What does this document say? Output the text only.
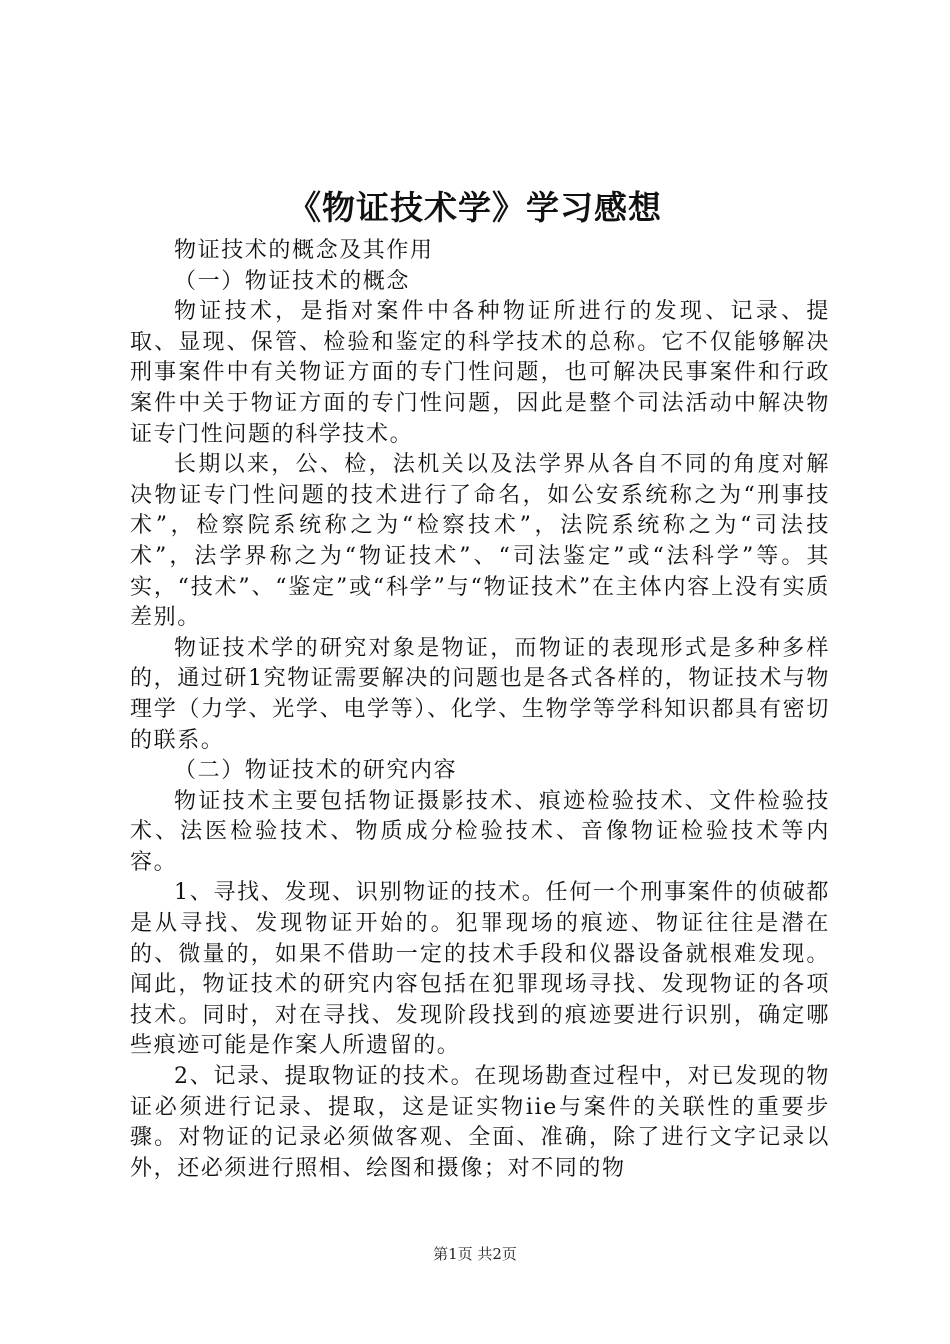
《物证技术学》学习感想

物证技术的概念及其作用

（一）物证技术的概念

物证技术，是指对案件中各种物证所进行的发现、记录、提取、显现、保管、检验和鉴定的科学技术的总称。它不仅能够解决刑事案件中有关物证方面的专门性问题，也可解决民事案件和行政案件中关于物证方面的专门性问题，因此是整个司法活动中解决物证专门性问题的科学技术。

长期以来，公、检，法机关以及法学界从各自不同的角度对解决物证专门性问题的技术进行了命名，如公安系统称之为“刑事技术”，检察院系统称之为“检察技术”，法院系统称之为“司法技术”，法学界称之为“物证技术”、“司法鉴定”或“法科学”等。其实，“技术”、“鉴定”或“科学”与“物证技术”在主体内容上没有实质差别。

物证技术学的研究对象是物证，而物证的表现形式是多种多样的，通过研1究物证需要解决的问题也是各式各样的，物证技术与物理学（力学、光学、电学等）、化学、生物学等学科知识都具有密切的联系。

（二）物证技术的研究内容

物证技术主要包括物证摄影技术、痕迹检验技术、文件检验技术、法医检验技术、物质成分检验技术、音像物证检验技术等内容。

1、寻找、发现、识别物证的技术。任何一个刑事案件的侦破都是从寻找、发现物证开始的。犯罪现场的痕迹、物证往往是潜在的、微量的，如果不借助一定的技术手段和仪器设备就根难发现。闻此，物证技术的研究内容包括在犯罪现场寻找、发现物证的各项技术。同时，对在寻找、发现阶段找到的痕迹要进行识别，确定哪些痕迹可能是作案人所遗留的。

2、记录、提取物证的技术。在现场勘查过程中，对已发现的物证必须进行记录、提取，这是证实物iie与案件的关联性的重要步骤。对物证的记录必须做客观、全面、准确，除了进行文字记录以外，还必须进行照相、绘图和摄像；对不同的物

第1页 共2页
